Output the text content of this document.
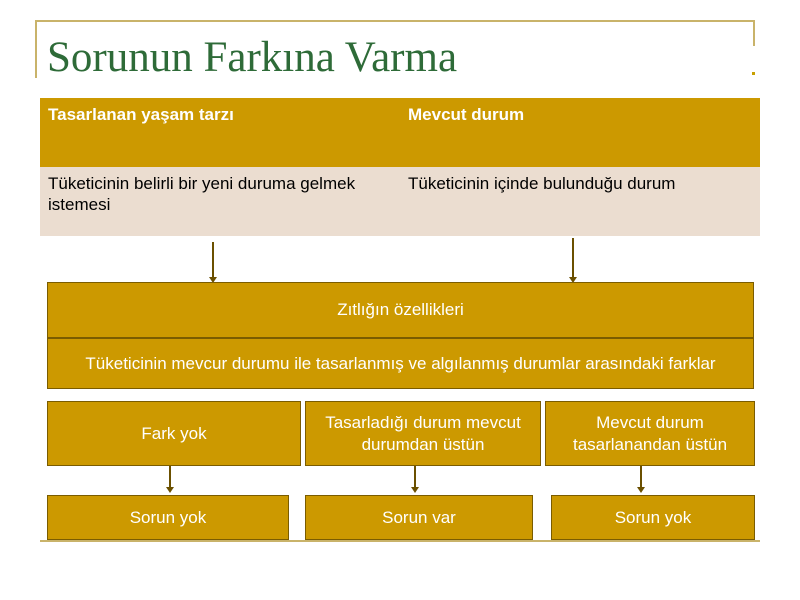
Sorunun Farkına Varma
Tasarlanan yaşam tarzı	Mevcut durum
Tüketicinin belirli bir yeni duruma gelmek istemesi	Tüketicinin içinde bulunduğu durum
Zıtlığın özellikleri
Tüketicinin mevcur durumu ile tasarlanmış ve algılanmış durumlar arasındaki farklar
Fark yok
Tasarladığı durum mevcut durumdan üstün
Mevcut durum tasarlanandan üstün
Sorun yok	Sorun var	Sorun yok
